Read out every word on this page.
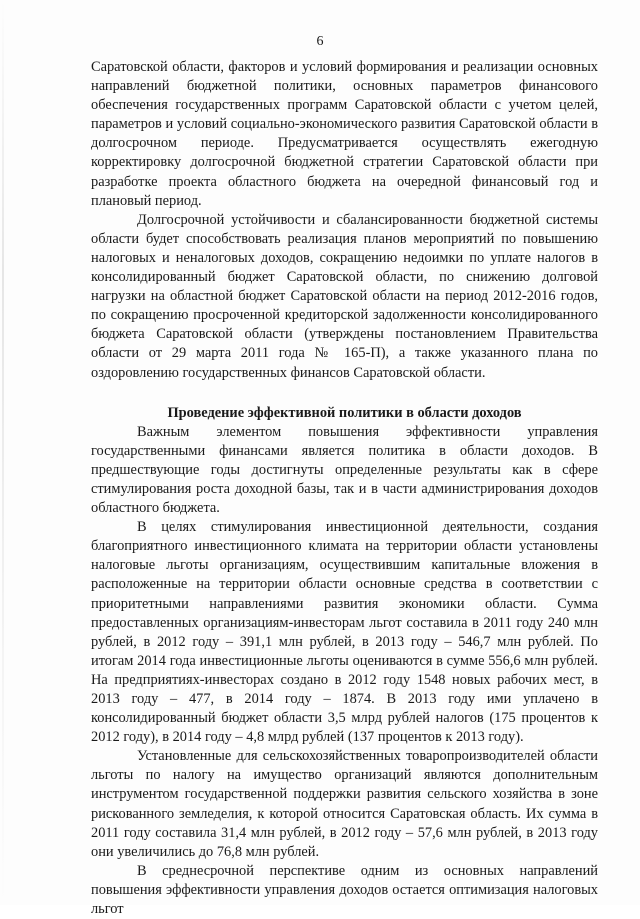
6

Саратовской области, факторов и условий формирования и реализации основных направлений бюджетной политики, основных параметров финансового обеспечения государственных программ Саратовской области с учетом целей, параметров и условий социально-экономического развития Саратовской области в долгосрочном периоде. Предусматривается осуществлять ежегодную корректировку долгосрочной бюджетной стратегии Саратовской области при разработке проекта областного бюджета на очередной финансовый год и плановый период.

Долгосрочной устойчивости и сбалансированности бюджетной системы области будет способствовать реализация планов мероприятий по повышению налоговых и неналоговых доходов, сокращению недоимки по уплате налогов в консолидированный бюджет Саратовской области, по снижению долговой нагрузки на областной бюджет Саратовской области на период 2012-2016 годов, по сокращению просроченной кредиторской задолженности консолидированного бюджета Саратовской области (утверждены постановлением Правительства области от 29 марта 2011 года № 165-П), а также указанного плана по оздоровлению государственных финансов Саратовской области.

Проведение эффективной политики в области доходов

Важным элементом повышения эффективности управления государственными финансами является политика в области доходов. В предшествующие годы достигнуты определенные результаты как в сфере стимулирования роста доходной базы, так и в части администрирования доходов областного бюджета.

В целях стимулирования инвестиционной деятельности, создания благоприятного инвестиционного климата на территории области установлены налоговые льготы организациям, осуществившим капитальные вложения в расположенные на территории области основные средства в соответствии с приоритетными направлениями развития экономики области. Сумма предоставленных организациям-инвесторам льгот составила в 2011 году 240 млн рублей, в 2012 году – 391,1 млн рублей, в 2013 году – 546,7 млн рублей. По итогам 2014 года инвестиционные льготы оцениваются в сумме 556,6 млн рублей. На предприятиях-инвесторах создано в 2012 году 1548 новых рабочих мест, в 2013 году – 477, в 2014 году – 1874. В 2013 году ими уплачено в консолидированный бюджет области 3,5 млрд рублей налогов (175 процентов к 2012 году), в 2014 году – 4,8 млрд рублей (137 процентов к 2013 году).

Установленные для сельскохозяйственных товаропроизводителей области льготы по налогу на имущество организаций являются дополнительным инструментом государственной поддержки развития сельского хозяйства в зоне рискованного земледелия, к которой относится Саратовская область. Их сумма в 2011 году составила 31,4 млн рублей, в 2012 году – 57,6 млн рублей, в 2013 году они увеличились до 76,8 млн рублей.

В среднесрочной перспективе одним из основных направлений повышения эффективности управления доходов остается оптимизация налоговых льгот
